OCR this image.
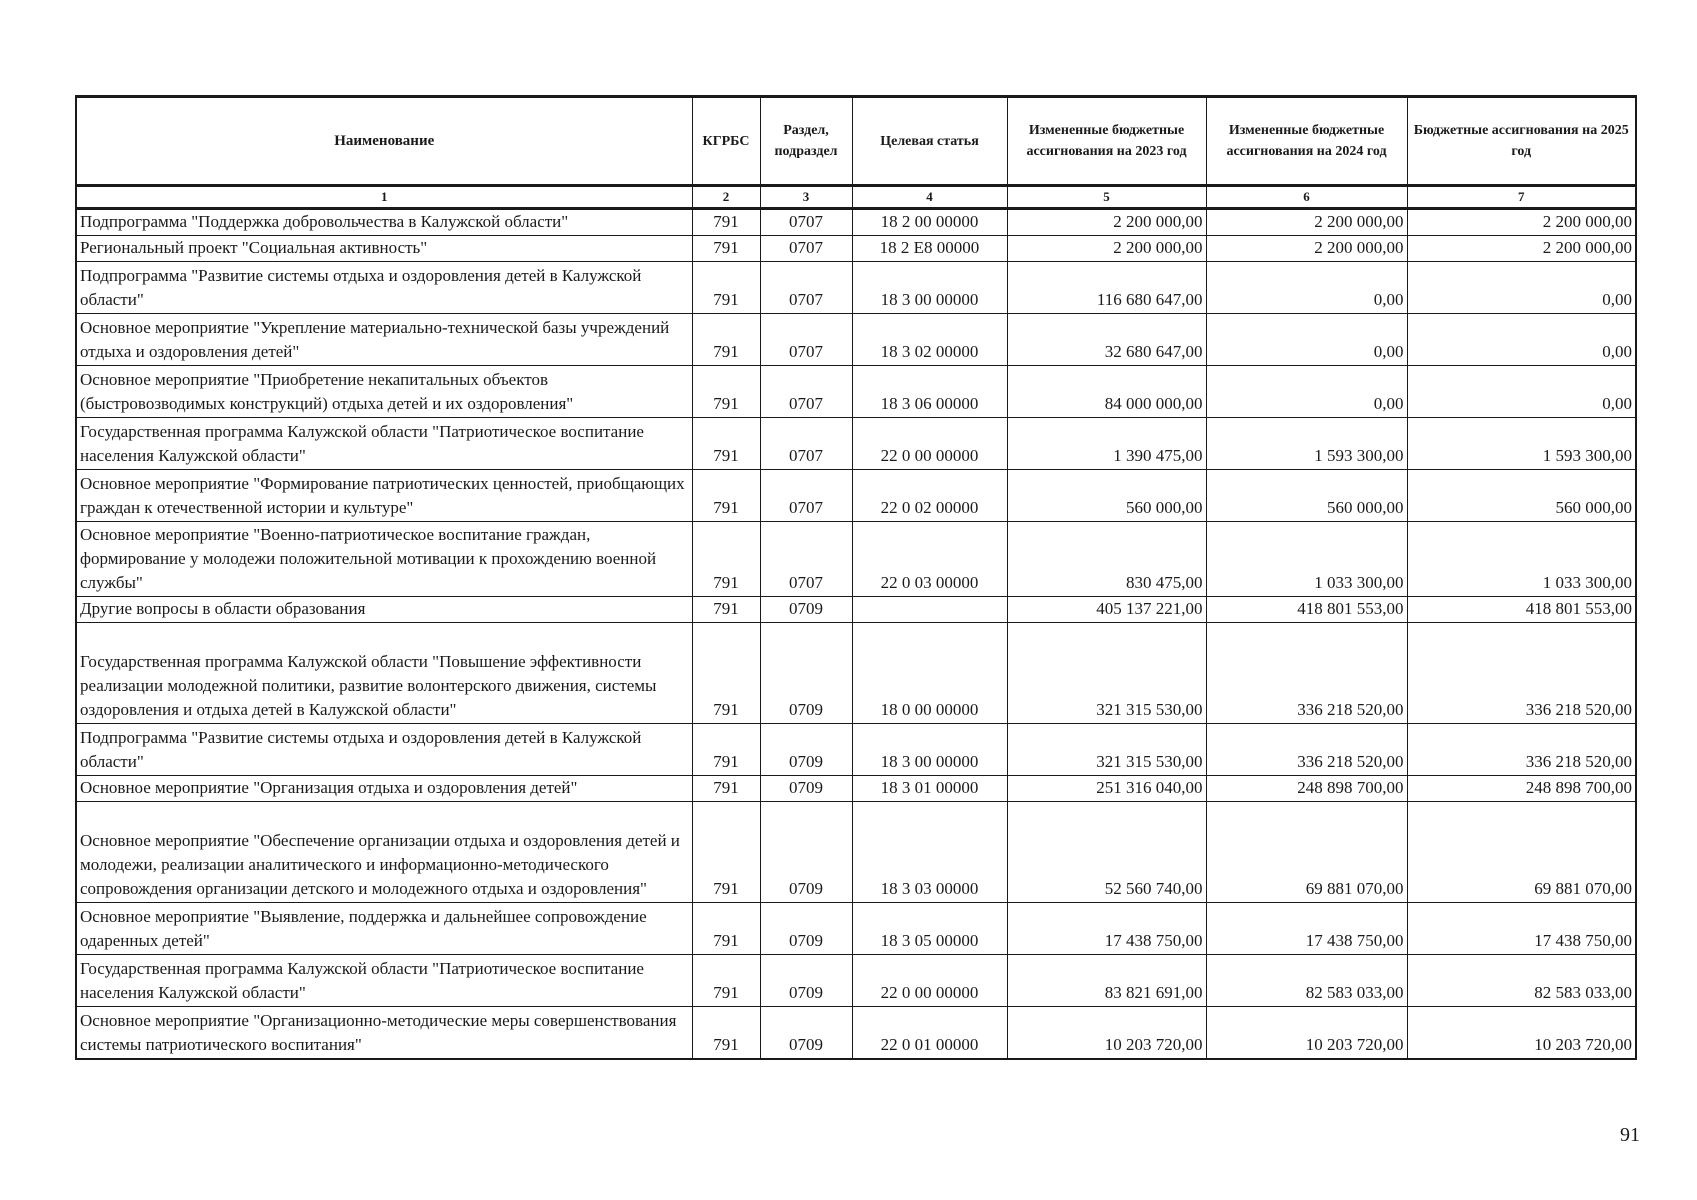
Наименование	КГРБС	Раздел, подраздел	Целевая статья	Измененные бюджетные ассигнования на 2023 год	Измененные бюджетные ассигнования на 2024 год	Бюджетные ассигнования на 2025 год
1	2	3	4	5	6	7
Подпрограмма "Поддержка добровольчества в Калужской области"	791	0707	18 2 00 00000	2 200 000,00	2 200 000,00	2 200 000,00
Региональный проект "Социальная активность"	791	0707	18 2 E8 00000	2 200 000,00	2 200 000,00	2 200 000,00
Подпрограмма "Развитие системы отдыха и оздоровления детей в Калужской области"	791	0707	18 3 00 00000	116 680 647,00	0,00	0,00
Основное мероприятие "Укрепление материально-технической базы учреждений отдыха и оздоровления детей"	791	0707	18 3 02 00000	32 680 647,00	0,00	0,00
Основное мероприятие "Приобретение некапитальных объектов (быстровозводимых конструкций) отдыха детей и их оздоровления"	791	0707	18 3 06 00000	84 000 000,00	0,00	0,00
Государственная программа Калужской области "Патриотическое воспитание населения Калужской области"	791	0707	22 0 00 00000	1 390 475,00	1 593 300,00	1 593 300,00
Основное мероприятие "Формирование патриотических ценностей, приобщающих граждан к отечественной истории и культуре"	791	0707	22 0 02 00000	560 000,00	560 000,00	560 000,00
Основное мероприятие "Военно-патриотическое воспитание граждан, формирование у молодежи положительной мотивации к прохождению военной службы"	791	0707	22 0 03 00000	830 475,00	1 033 300,00	1 033 300,00
Другие вопросы в области образования	791	0709		405 137 221,00	418 801 553,00	418 801 553,00
Государственная программа Калужской области "Повышение эффективности реализации молодежной политики, развитие волонтерского движения, системы оздоровления и отдыха детей в Калужской области"	791	0709	18 0 00 00000	321 315 530,00	336 218 520,00	336 218 520,00
Подпрограмма "Развитие системы отдыха и оздоровления детей в Калужской области"	791	0709	18 3 00 00000	321 315 530,00	336 218 520,00	336 218 520,00
Основное мероприятие "Организация отдыха и оздоровления детей"	791	0709	18 3 01 00000	251 316 040,00	248 898 700,00	248 898 700,00
Основное мероприятие "Обеспечение организации отдыха и оздоровления детей и молодежи, реализации аналитического и информационно-методического сопровождения организации детского и молодежного отдыха и оздоровления"	791	0709	18 3 03 00000	52 560 740,00	69 881 070,00	69 881 070,00
Основное мероприятие "Выявление, поддержка и дальнейшее сопровождение одаренных детей"	791	0709	18 3 05 00000	17 438 750,00	17 438 750,00	17 438 750,00
Государственная программа Калужской области "Патриотическое воспитание населения Калужской области"	791	0709	22 0 00 00000	83 821 691,00	82 583 033,00	82 583 033,00
Основное мероприятие "Организационно-методические меры совершенствования системы патриотического воспитания"	791	0709	22 0 01 00000	10 203 720,00	10 203 720,00	10 203 720,00
91
